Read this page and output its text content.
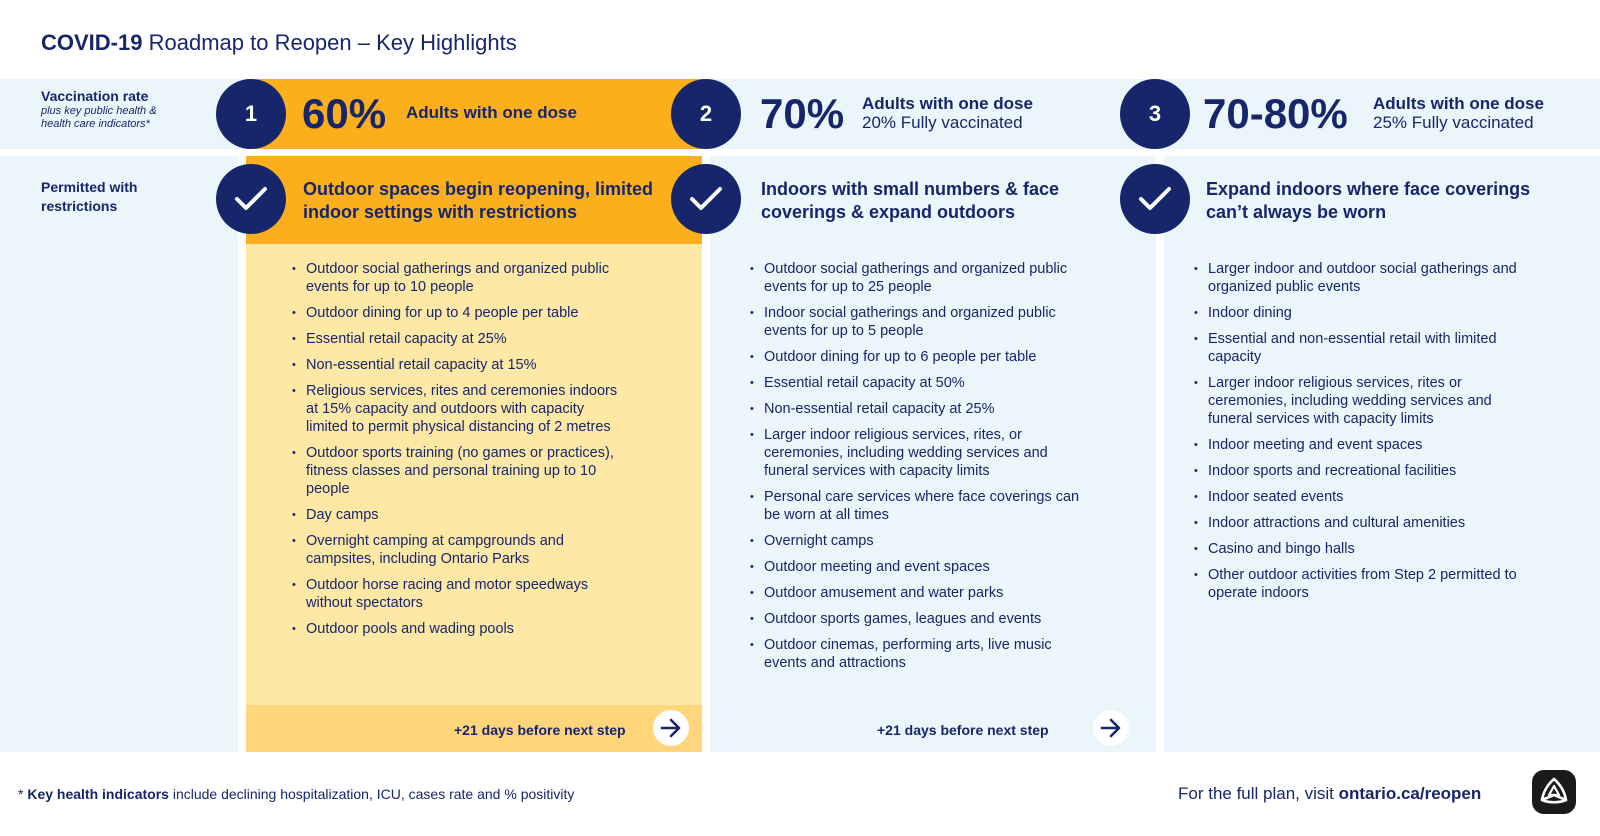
COVID-19 Roadmap to Reopen – Key Highlights
Vaccination rate
plus key public health & health care indicators*
Permitted with restrictions
1	60% Adults with one dose
Outdoor spaces begin reopening, limited indoor settings with restrictions
• Outdoor social gatherings and organized public events for up to 10 people
• Outdoor dining for up to 4 people per table
• Essential retail capacity at 25%
• Non-essential retail capacity at 15%
• Religious services, rites and ceremonies indoors at 15% capacity and outdoors with capacity limited to permit physical distancing of 2 metres
• Outdoor sports training (no games or practices), fitness classes and personal training up to 10 people
• Day camps
• Overnight camping at campgrounds and campsites, including Ontario Parks
• Outdoor horse racing and motor speedways without spectators
• Outdoor pools and wading pools
+21 days before next step
2	70% Adults with one dose
20% Fully vaccinated
Indoors with small numbers & face coverings & expand outdoors
• Outdoor social gatherings and organized public events for up to 25 people
• Indoor social gatherings and organized public events for up to 5 people
• Outdoor dining for up to 6 people per table
• Essential retail capacity at 50%
• Non-essential retail capacity at 25%
• Larger indoor religious services, rites, or ceremonies, including wedding services and funeral services with capacity limits
• Personal care services where face coverings can be worn at all times
• Overnight camps
• Outdoor meeting and event spaces
• Outdoor amusement and water parks
• Outdoor sports games, leagues and events
• Outdoor cinemas, performing arts, live music events and attractions
+21 days before next step
3 70-80% Adults with one dose
25% Fully vaccinated
Expand indoors where face coverings can’t always be worn
• Larger indoor and outdoor social gatherings and organized public events
• Indoor dining
• Essential and non-essential retail with limited capacity
• Larger indoor religious services, rites or ceremonies, including wedding services and funeral services with capacity limits
• Indoor meeting and event spaces
• Indoor sports and recreational facilities
• Indoor seated events
• Indoor attractions and cultural amenities
• Casino and bingo halls
• Other outdoor activities from Step 2 permitted to operate indoors
* Key health indicators include declining hospitalization, ICU, cases rate and % positivity	For the full plan, visit ontario.ca/reopen
